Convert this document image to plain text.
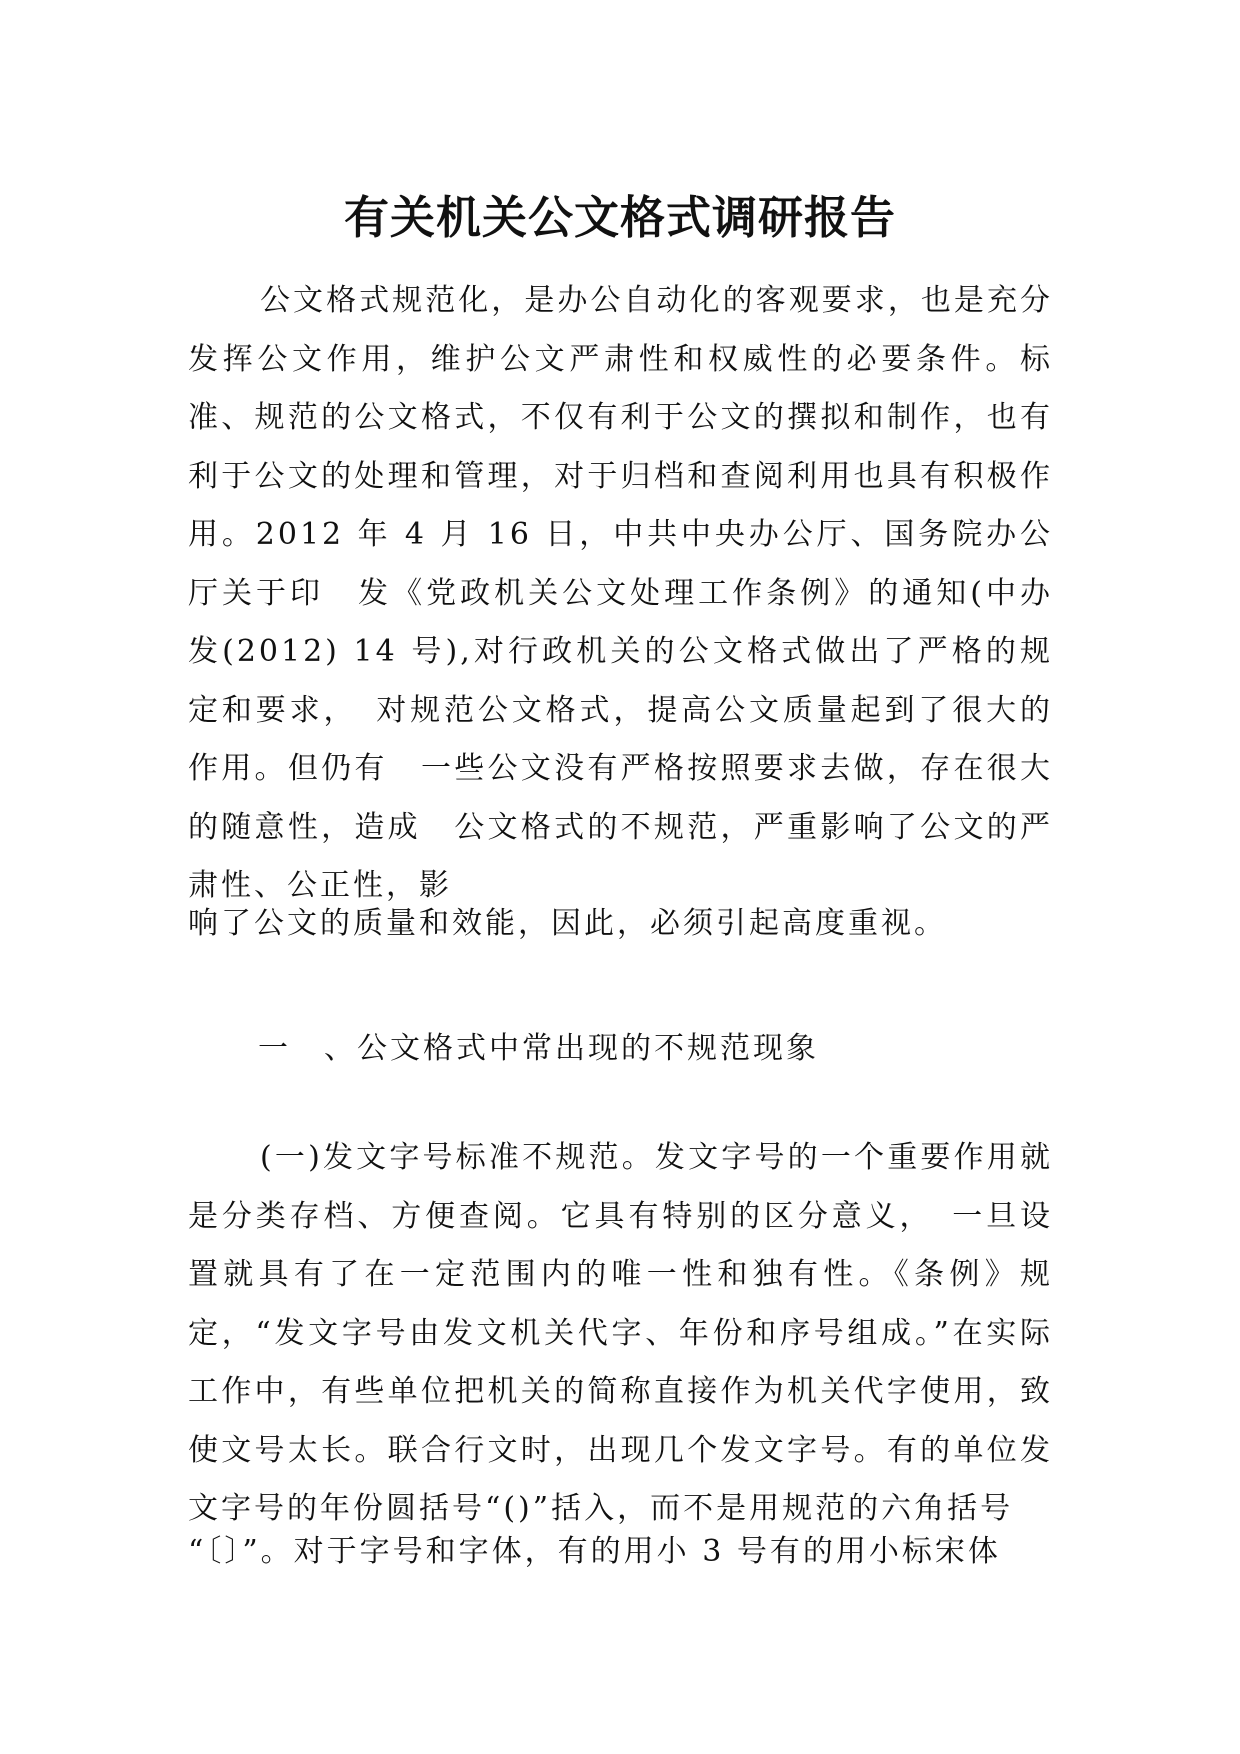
有关机关公文格式调研报告

公文格式规范化，是办公自动化的客观要求，也是充分发挥公文作用，维护公文严肃性和权威性的必要条件。标准、规范的公文格式，不仅有利于公文的撰拟和制作，也有利于公文的处理和管理，对于归档和查阅利用也具有积极作用。2012 年 4 月 16 日，中共中央办公厅、国务院办公厅关于印　发《党政机关公文处理工作条例》的通知(中办发(2012) 14 号),对行政机关的公文格式做出了严格的规定和要求，　对规范公文格式，提高公文质量起到了很大的作用。但仍有　一些公文没有严格按照要求去做，存在很大的随意性，造成　公文格式的不规范，严重影响了公文的严肃性、公正性，影

响了公文的质量和效能，因此，必须引起高度重视。

一　、公文格式中常出现的不规范现象

(一)发文字号标准不规范。发文字号的一个重要作用就是分类存档、方便查阅。它具有特别的区分意义，　一旦设置就具有了在一定范围内的唯一性和独有性。《条例》规定，“发文字号由发文机关代字、年份和序号组成。”在实际工作中，有些单位把机关的简称直接作为机关代字使用，致使文号太长。联合行文时，出现几个发文字号。有的单位发文字号的年份圆括号“()”括入，而不是用规范的六角括号

“〔〕”。对于字号和字体，有的用小 3 号有的用小标宋体
